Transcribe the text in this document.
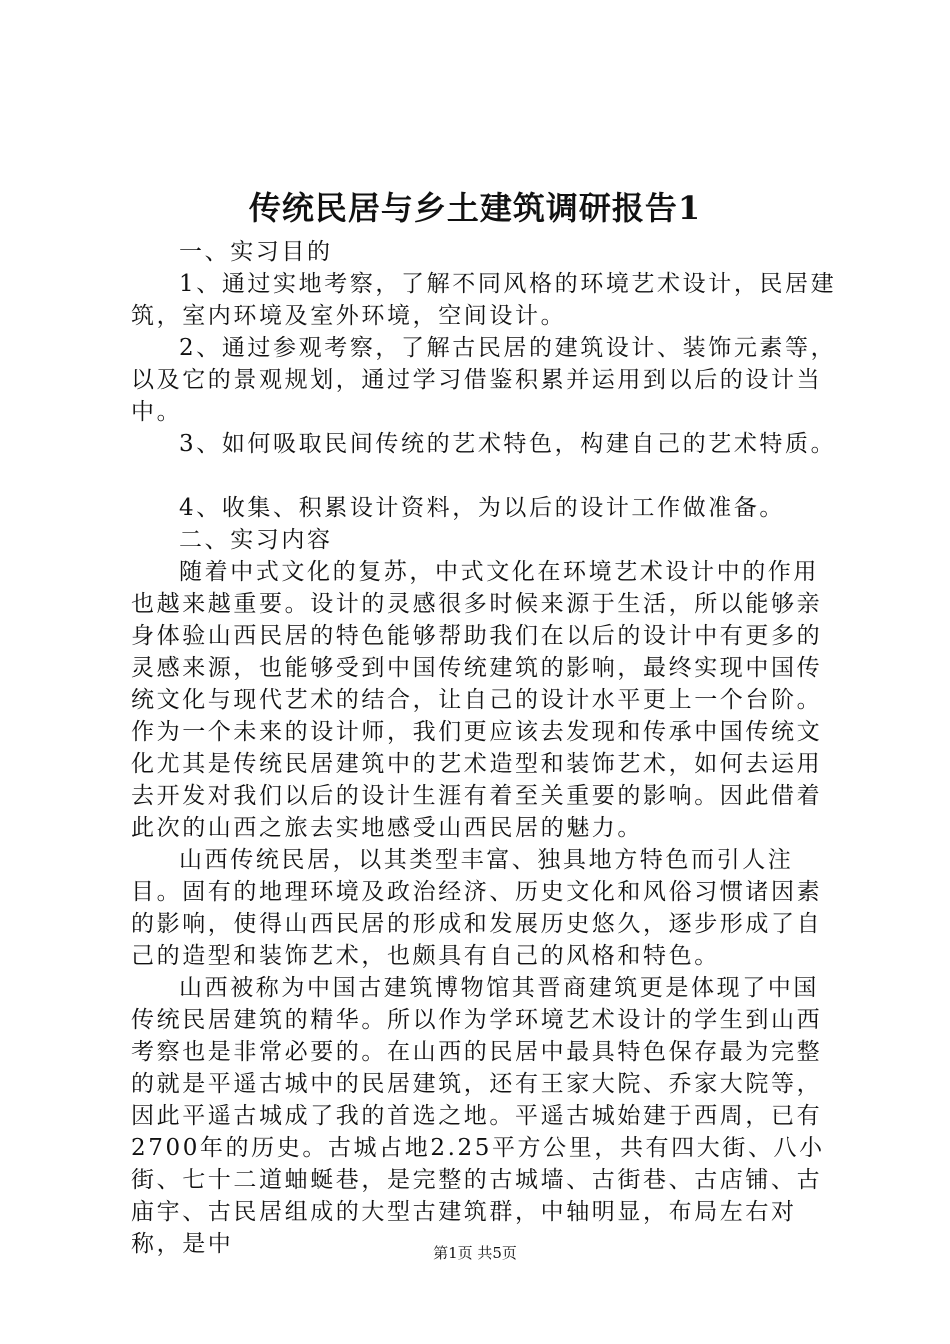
传统民居与乡土建筑调研报告1

一、实习目的

1、通过实地考察，了解不同风格的环境艺术设计，民居建筑，室内环境及室外环境，空间设计。

2、通过参观考察，了解古民居的建筑设计、装饰元素等，以及它的景观规划，通过学习借鉴积累并运用到以后的设计当中。

3、如何吸取民间传统的艺术特色，构建自己的艺术特质。

4、收集、积累设计资料，为以后的设计工作做准备。

二、实习内容

随着中式文化的复苏，中式文化在环境艺术设计中的作用也越来越重要。设计的灵感很多时候来源于生活，所以能够亲身体验山西民居的特色能够帮助我们在以后的设计中有更多的灵感来源，也能够受到中国传统建筑的影响，最终实现中国传统文化与现代艺术的结合，让自己的设计水平更上一个台阶。作为一个未来的设计师，我们更应该去发现和传承中国传统文化尤其是传统民居建筑中的艺术造型和装饰艺术，如何去运用去开发对我们以后的设计生涯有着至关重要的影响。因此借着此次的山西之旅去实地感受山西民居的魅力。

山西传统民居，以其类型丰富、独具地方特色而引人注目。固有的地理环境及政治经济、历史文化和风俗习惯诸因素的影响，使得山西民居的形成和发展历史悠久，逐步形成了自己的造型和装饰艺术，也颇具有自己的风格和特色。

山西被称为中国古建筑博物馆其晋商建筑更是体现了中国传统民居建筑的精华。所以作为学环境艺术设计的学生到山西考察也是非常必要的。在山西的民居中最具特色保存最为完整的就是平遥古城中的民居建筑，还有王家大院、乔家大院等，因此平遥古城成了我的首选之地。平遥古城始建于西周，已有2700年的历史。古城占地2.25平方公里，共有四大街、八小街、七十二道蚰蜒巷，是完整的古城墙、古街巷、古店铺、古庙宇、古民居组成的大型古建筑群，中轴明显，布局左右对称，是中	第1页 共5页
